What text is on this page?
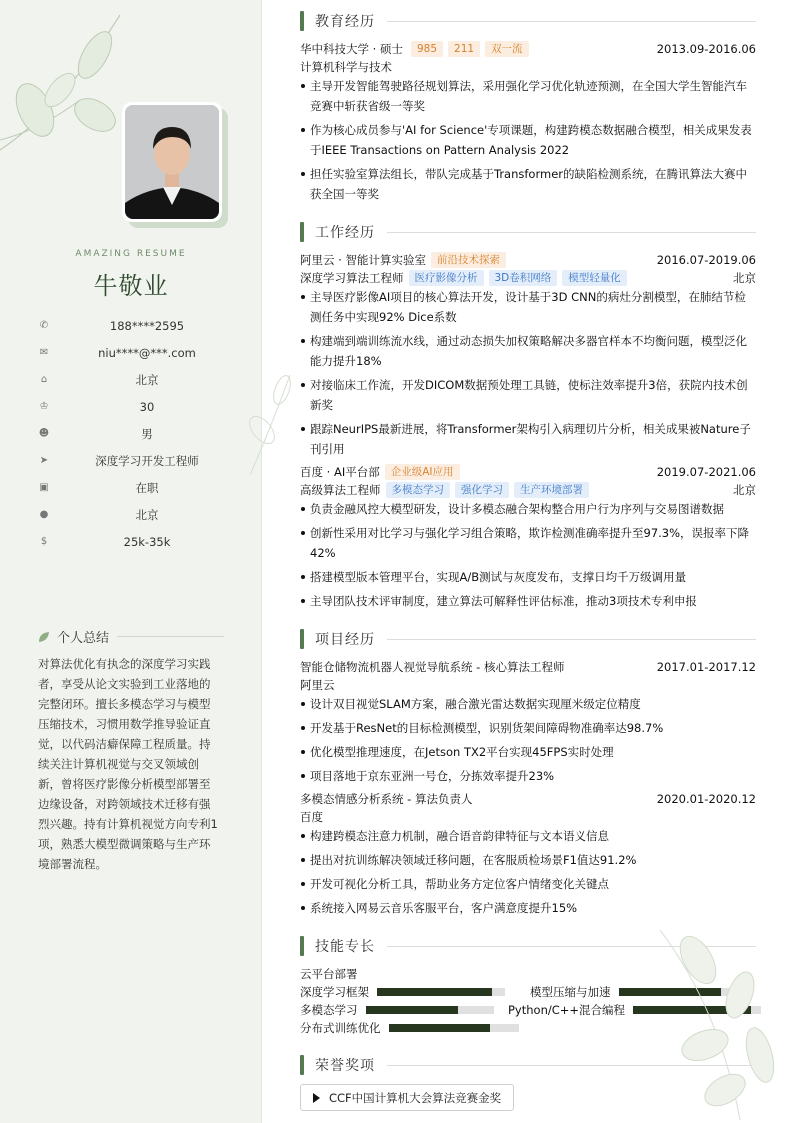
AMAZING RESUME
牛敬业
✆	188****2595
✉	niu****@***.com
⌂	北京
♔	30
☻	男
➤	深度学习开发工程师
▣	在职
●	北京
$	25k-35k
个人总结
对算法优化有执念的深度学习实践者，享受从论文实验到工业落地的完整闭环。擅长多模态学习与模型压缩技术，习惯用数学推导验证直觉，以代码洁癖保障工程质量。持续关注计算机视觉与交叉领域创新，曾将医疗影像分析模型部署至边缘设备，对跨领域技术迁移有强烈兴趣。持有计算机视觉方向专利1项，熟悉大模型微调策略与生产环境部署流程。
教育经历
华中科技大学 · 硕士	985	211	双一流	2013.09-2016.06
计算机科学与技术
主导开发智能驾驶路径规划算法，采用强化学习优化轨迹预测，在全国大学生智能汽车竞赛中斩获省级一等奖
作为核心成员参与'AI for Science'专项课题，构建跨模态数据融合模型，相关成果发表于IEEE Transactions on Pattern Analysis 2022
担任实验室算法组长，带队完成基于Transformer的缺陷检测系统，在腾讯算法大赛中获全国一等奖
工作经历
阿里云 · 智能计算实验室	前沿技术探索	2016.07-2019.06
深度学习算法工程师	医疗影像分析	3D卷积网络	模型轻量化	北京
主导医疗影像AI项目的核心算法开发，设计基于3D CNN的病灶分割模型，在肺结节检测任务中实现92% Dice系数
构建端到端训练流水线，通过动态损失加权策略解决多器官样本不均衡问题，模型泛化能力提升18%
对接临床工作流，开发DICOM数据预处理工具链，使标注效率提升3倍，获院内技术创新奖
跟踪NeurIPS最新进展，将Transformer架构引入病理切片分析，相关成果被Nature子刊引用
百度 · AI平台部	企业级AI应用	2019.07-2021.06
高级算法工程师	多模态学习	强化学习	生产环境部署	北京
负责金融风控大模型研发，设计多模态融合架构整合用户行为序列与交易图谱数据
创新性采用对比学习与强化学习组合策略，欺诈检测准确率提升至97.3%，误报率下降42%
搭建模型版本管理平台，实现A/B测试与灰度发布，支撑日均千万级调用量
主导团队技术评审制度，建立算法可解释性评估标准，推动3项技术专利申报
项目经历
智能仓储物流机器人视觉导航系统 - 核心算法工程师	2017.01-2017.12
阿里云
设计双目视觉SLAM方案，融合激光雷达数据实现厘米级定位精度
开发基于ResNet的目标检测模型，识别货架间障碍物准确率达98.7%
优化模型推理速度，在Jetson TX2平台实现45FPS实时处理
项目落地于京东亚洲一号仓，分拣效率提升23%
多模态情感分析系统 - 算法负责人	2020.01-2020.12
百度
构建跨模态注意力机制，融合语音韵律特征与文本语义信息
提出对抗训练解决领域迁移问题，在客服质检场景F1值达91.2%
开发可视化分析工具，帮助业务方定位客户情绪变化关键点
系统接入网易云音乐客服平台，客户满意度提升15%
技能专长
云平台部署
深度学习框架	模型压缩与加速
多模态学习	Python/C++混合编程
分布式训练优化
荣誉奖项
CCF中国计算机大会算法竞赛金奖
